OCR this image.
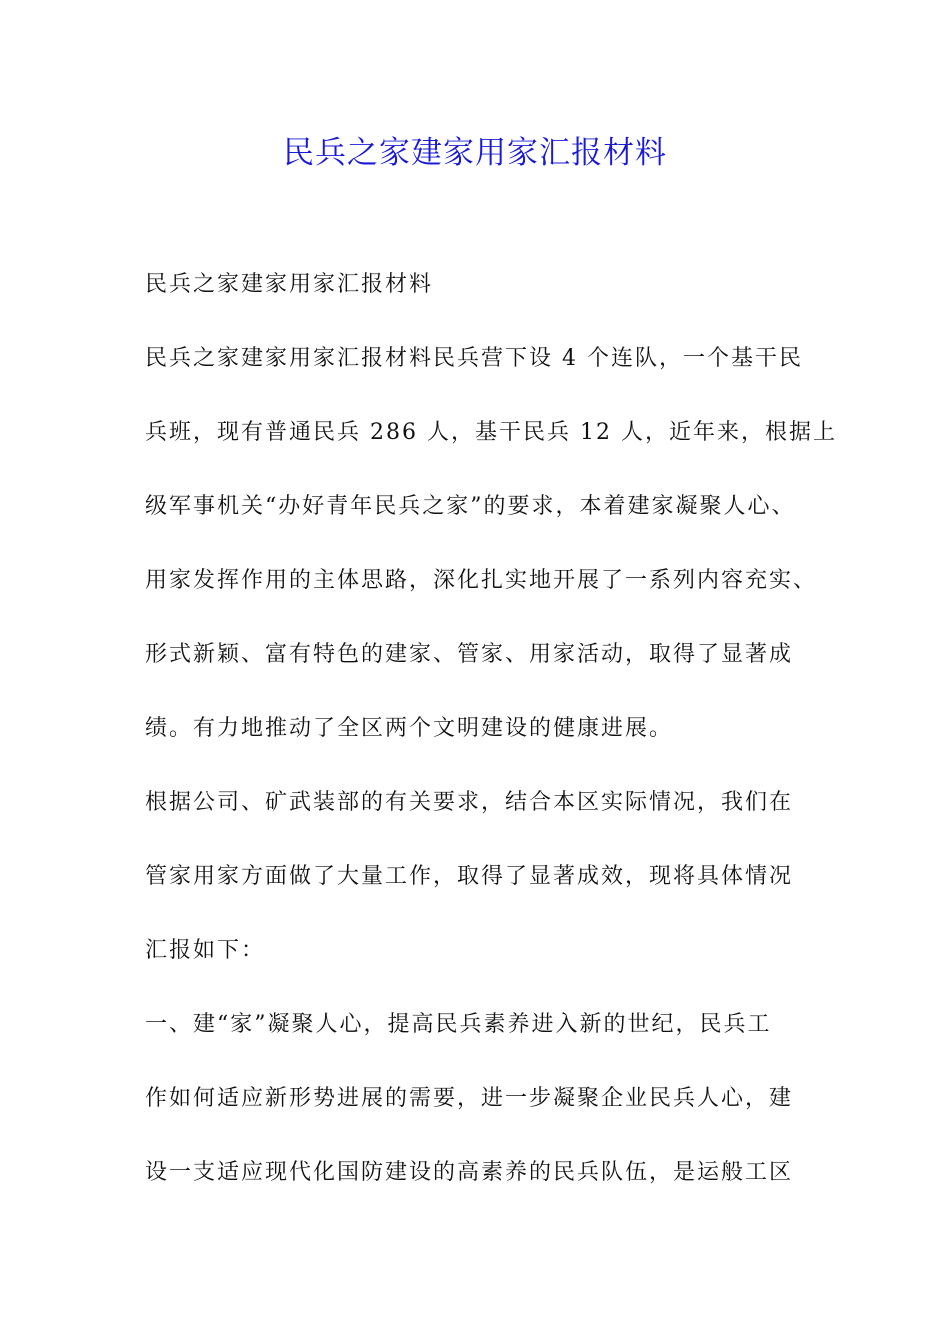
民兵之家建家用家汇报材料
民兵之家建家用家汇报材料
民兵之家建家用家汇报材料民兵营下设 4 个连队，一个基干民
兵班，现有普通民兵 286 人，基干民兵 12 人，近年来，根据上
级军事机关“办好青年民兵之家”的要求，本着建家凝聚人心、
用家发挥作用的主体思路，深化扎实地开展了一系列内容充实、
形式新颖、富有特色的建家、管家、用家活动，取得了显著成
绩。有力地推动了全区两个文明建设的健康进展。
根据公司、矿武装部的有关要求，结合本区实际情况，我们在
管家用家方面做了大量工作，取得了显著成效，现将具体情况
汇报如下：
一、建“家”凝聚人心，提高民兵素养进入新的世纪，民兵工
作如何适应新形势进展的需要，进一步凝聚企业民兵人心，建
设一支适应现代化国防建设的高素养的民兵队伍，是运般工区
